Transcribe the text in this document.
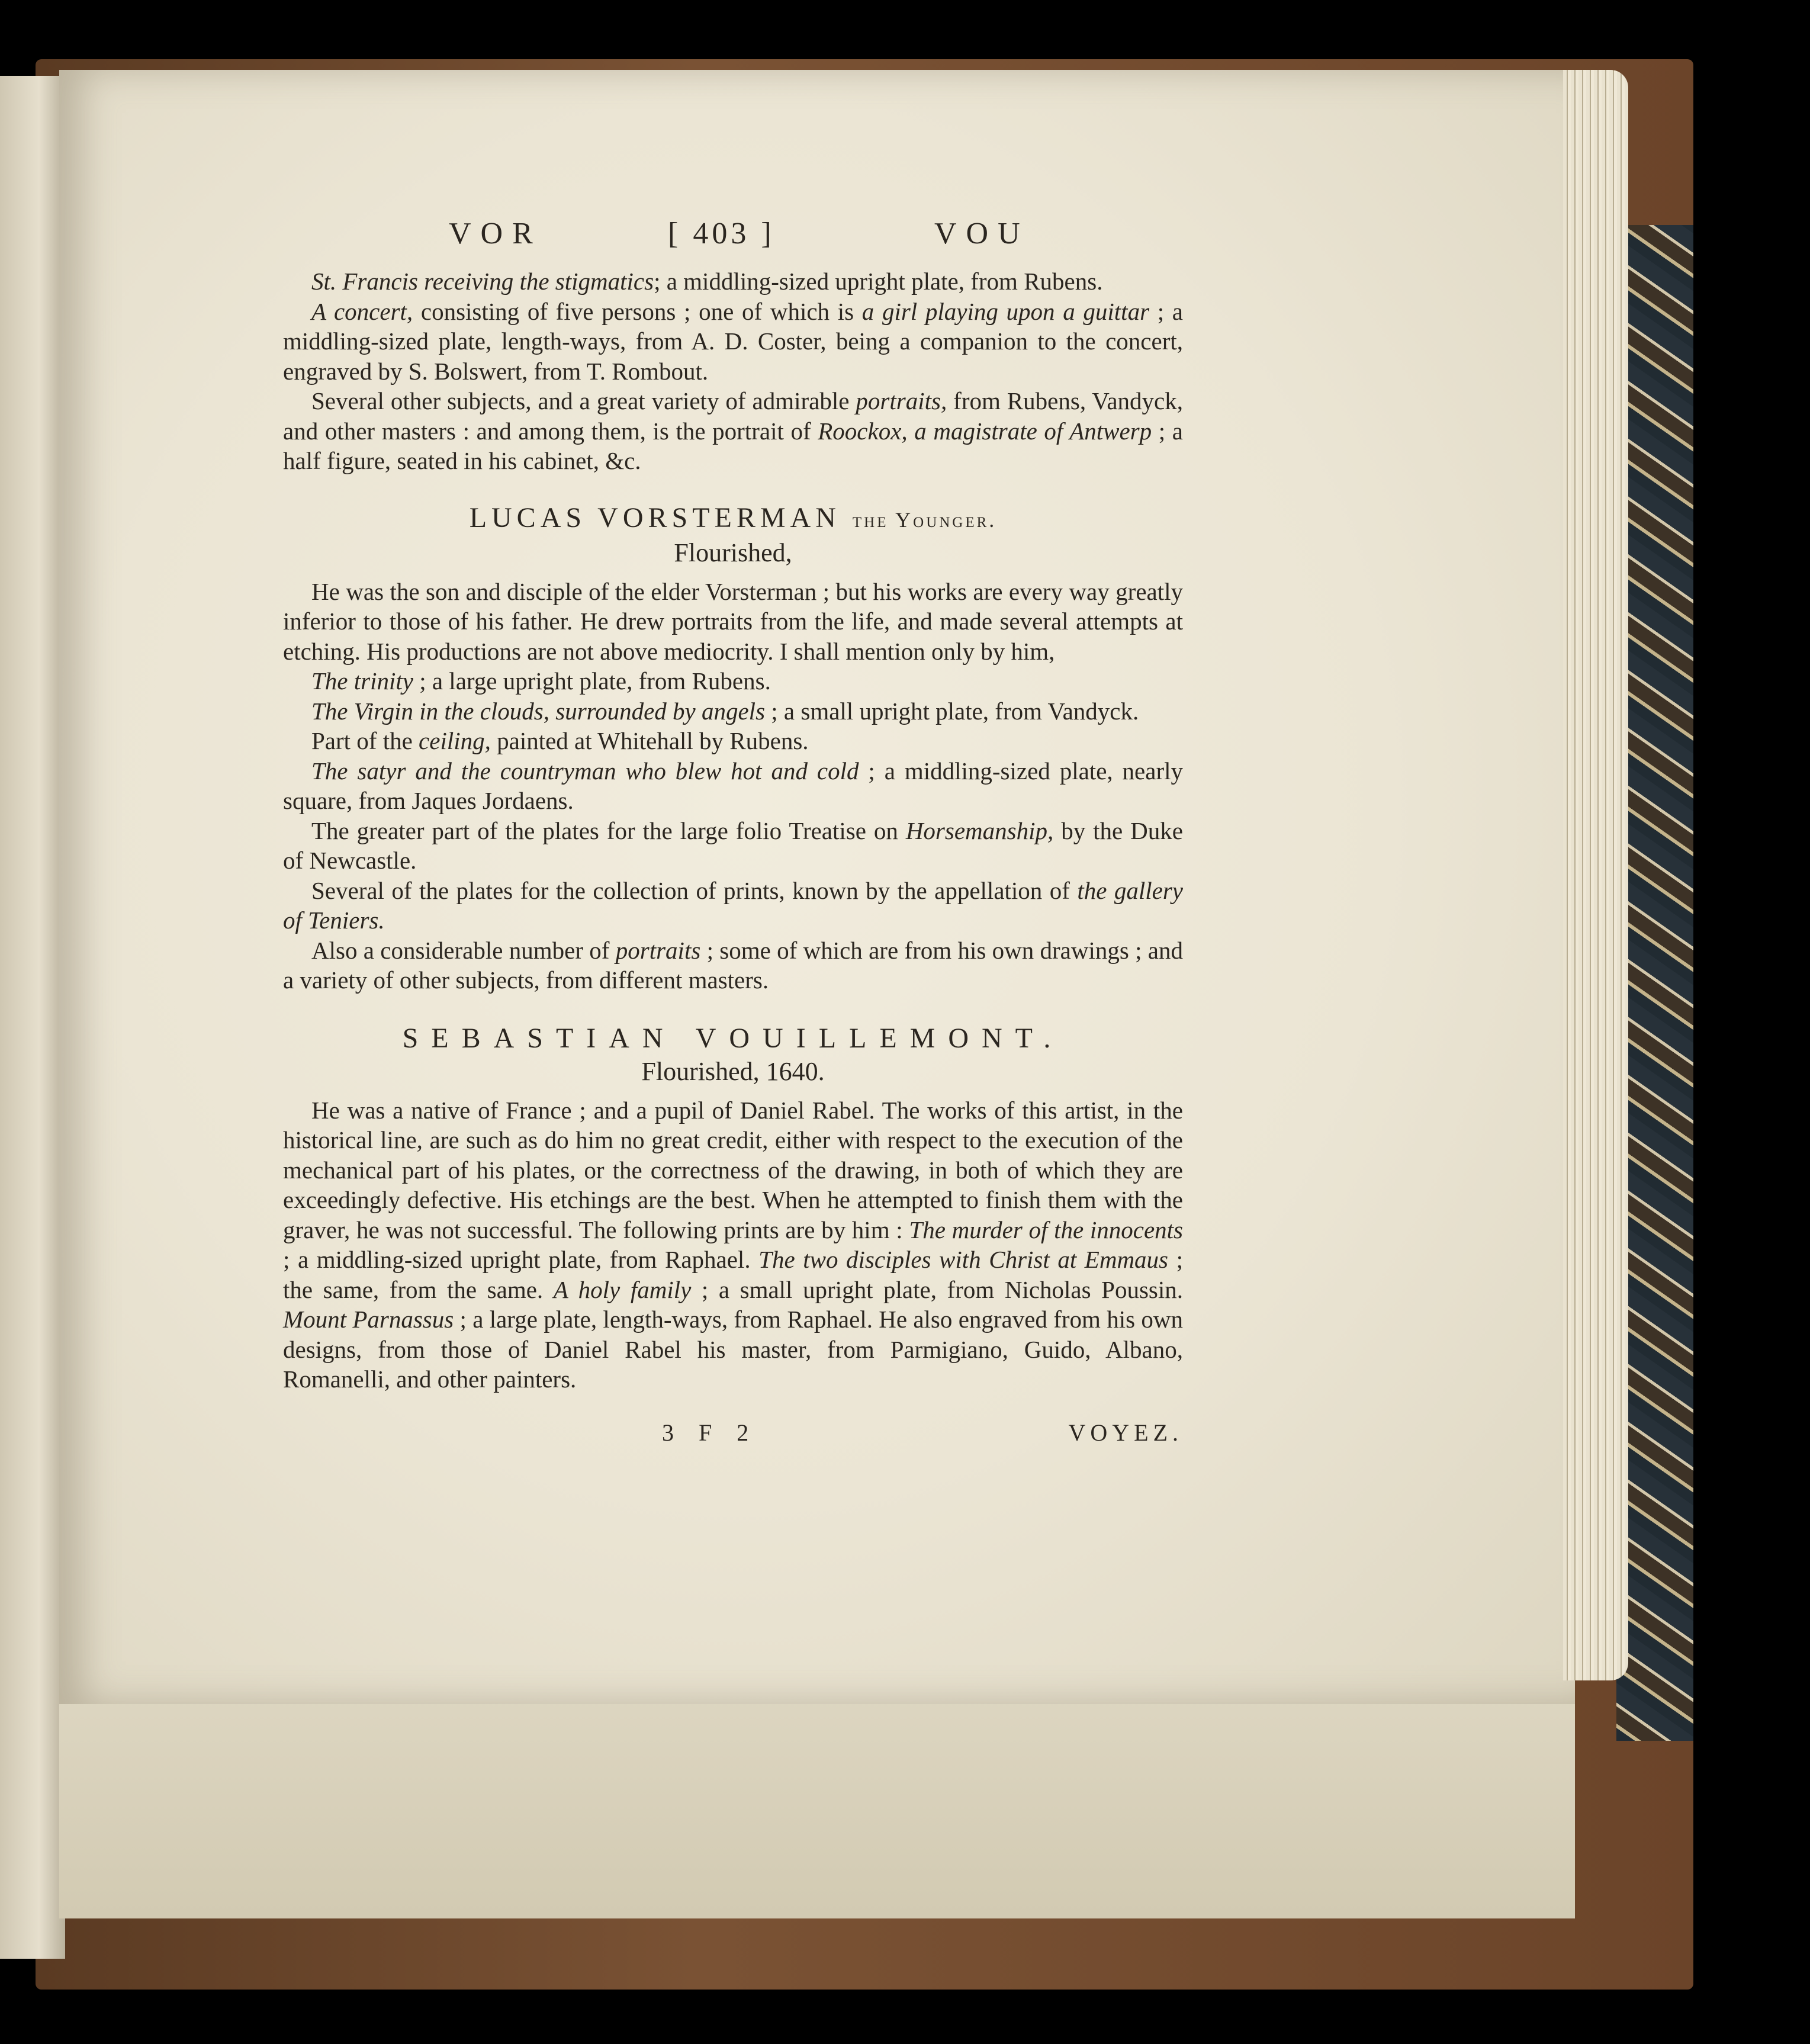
VOR	[ 403 ]	VOU

St. Francis receiving the stigmatics; a middling-sized upright plate, from Rubens.

A concert, consisting of five persons ; one of which is a girl playing upon a guittar ; a middling-sized plate, length-ways, from A. D. Coster, being a companion to the concert, engraved by S. Bolswert, from T. Rombout.

Several other subjects, and a great variety of admirable portraits, from Rubens, Vandyck, and other masters : and among them, is the portrait of Roockox, a magistrate of Antwerp ; a half figure, seated in his cabinet, &c.

LUCAS VORSTERMAN the Younger.
Flourished,

He was the son and disciple of the elder Vorsterman ; but his works are every way greatly inferior to those of his father. He drew portraits from the life, and made several attempts at etching. His productions are not above mediocrity. I shall mention only by him,

The trinity ; a large upright plate, from Rubens.

The Virgin in the clouds, surrounded by angels ; a small upright plate, from Vandyck.

Part of the ceiling, painted at Whitehall by Rubens.

The satyr and the countryman who blew hot and cold ; a middling-sized plate, nearly square, from Jaques Jordaens.

The greater part of the plates for the large folio Treatise on Horsemanship, by the Duke of Newcastle.

Several of the plates for the collection of prints, known by the appellation of the gallery of Teniers.

Also a considerable number of portraits ; some of which are from his own drawings ; and a variety of other subjects, from different masters.

SEBASTIAN VOUILLEMONT.
Flourished, 1640.

He was a native of France ; and a pupil of Daniel Rabel. The works of this artist, in the historical line, are such as do him no great credit, either with respect to the execution of the mechanical part of his plates, or the correctness of the drawing, in both of which they are exceedingly defective. His etchings are the best. When he attempted to finish them with the graver, he was not successful. The following prints are by him : The murder of the innocents ; a middling-sized upright plate, from Raphael. The two disciples with Christ at Emmaus ; the same, from the same. A holy family ; a small upright plate, from Nicholas Poussin. Mount Parnassus ; a large plate, length-ways, from Raphael. He also engraved from his own designs, from those of Daniel Rabel his master, from Parmigiano, Guido, Albano, Romanelli, and other painters.

3 F 2	VOYEZ.
